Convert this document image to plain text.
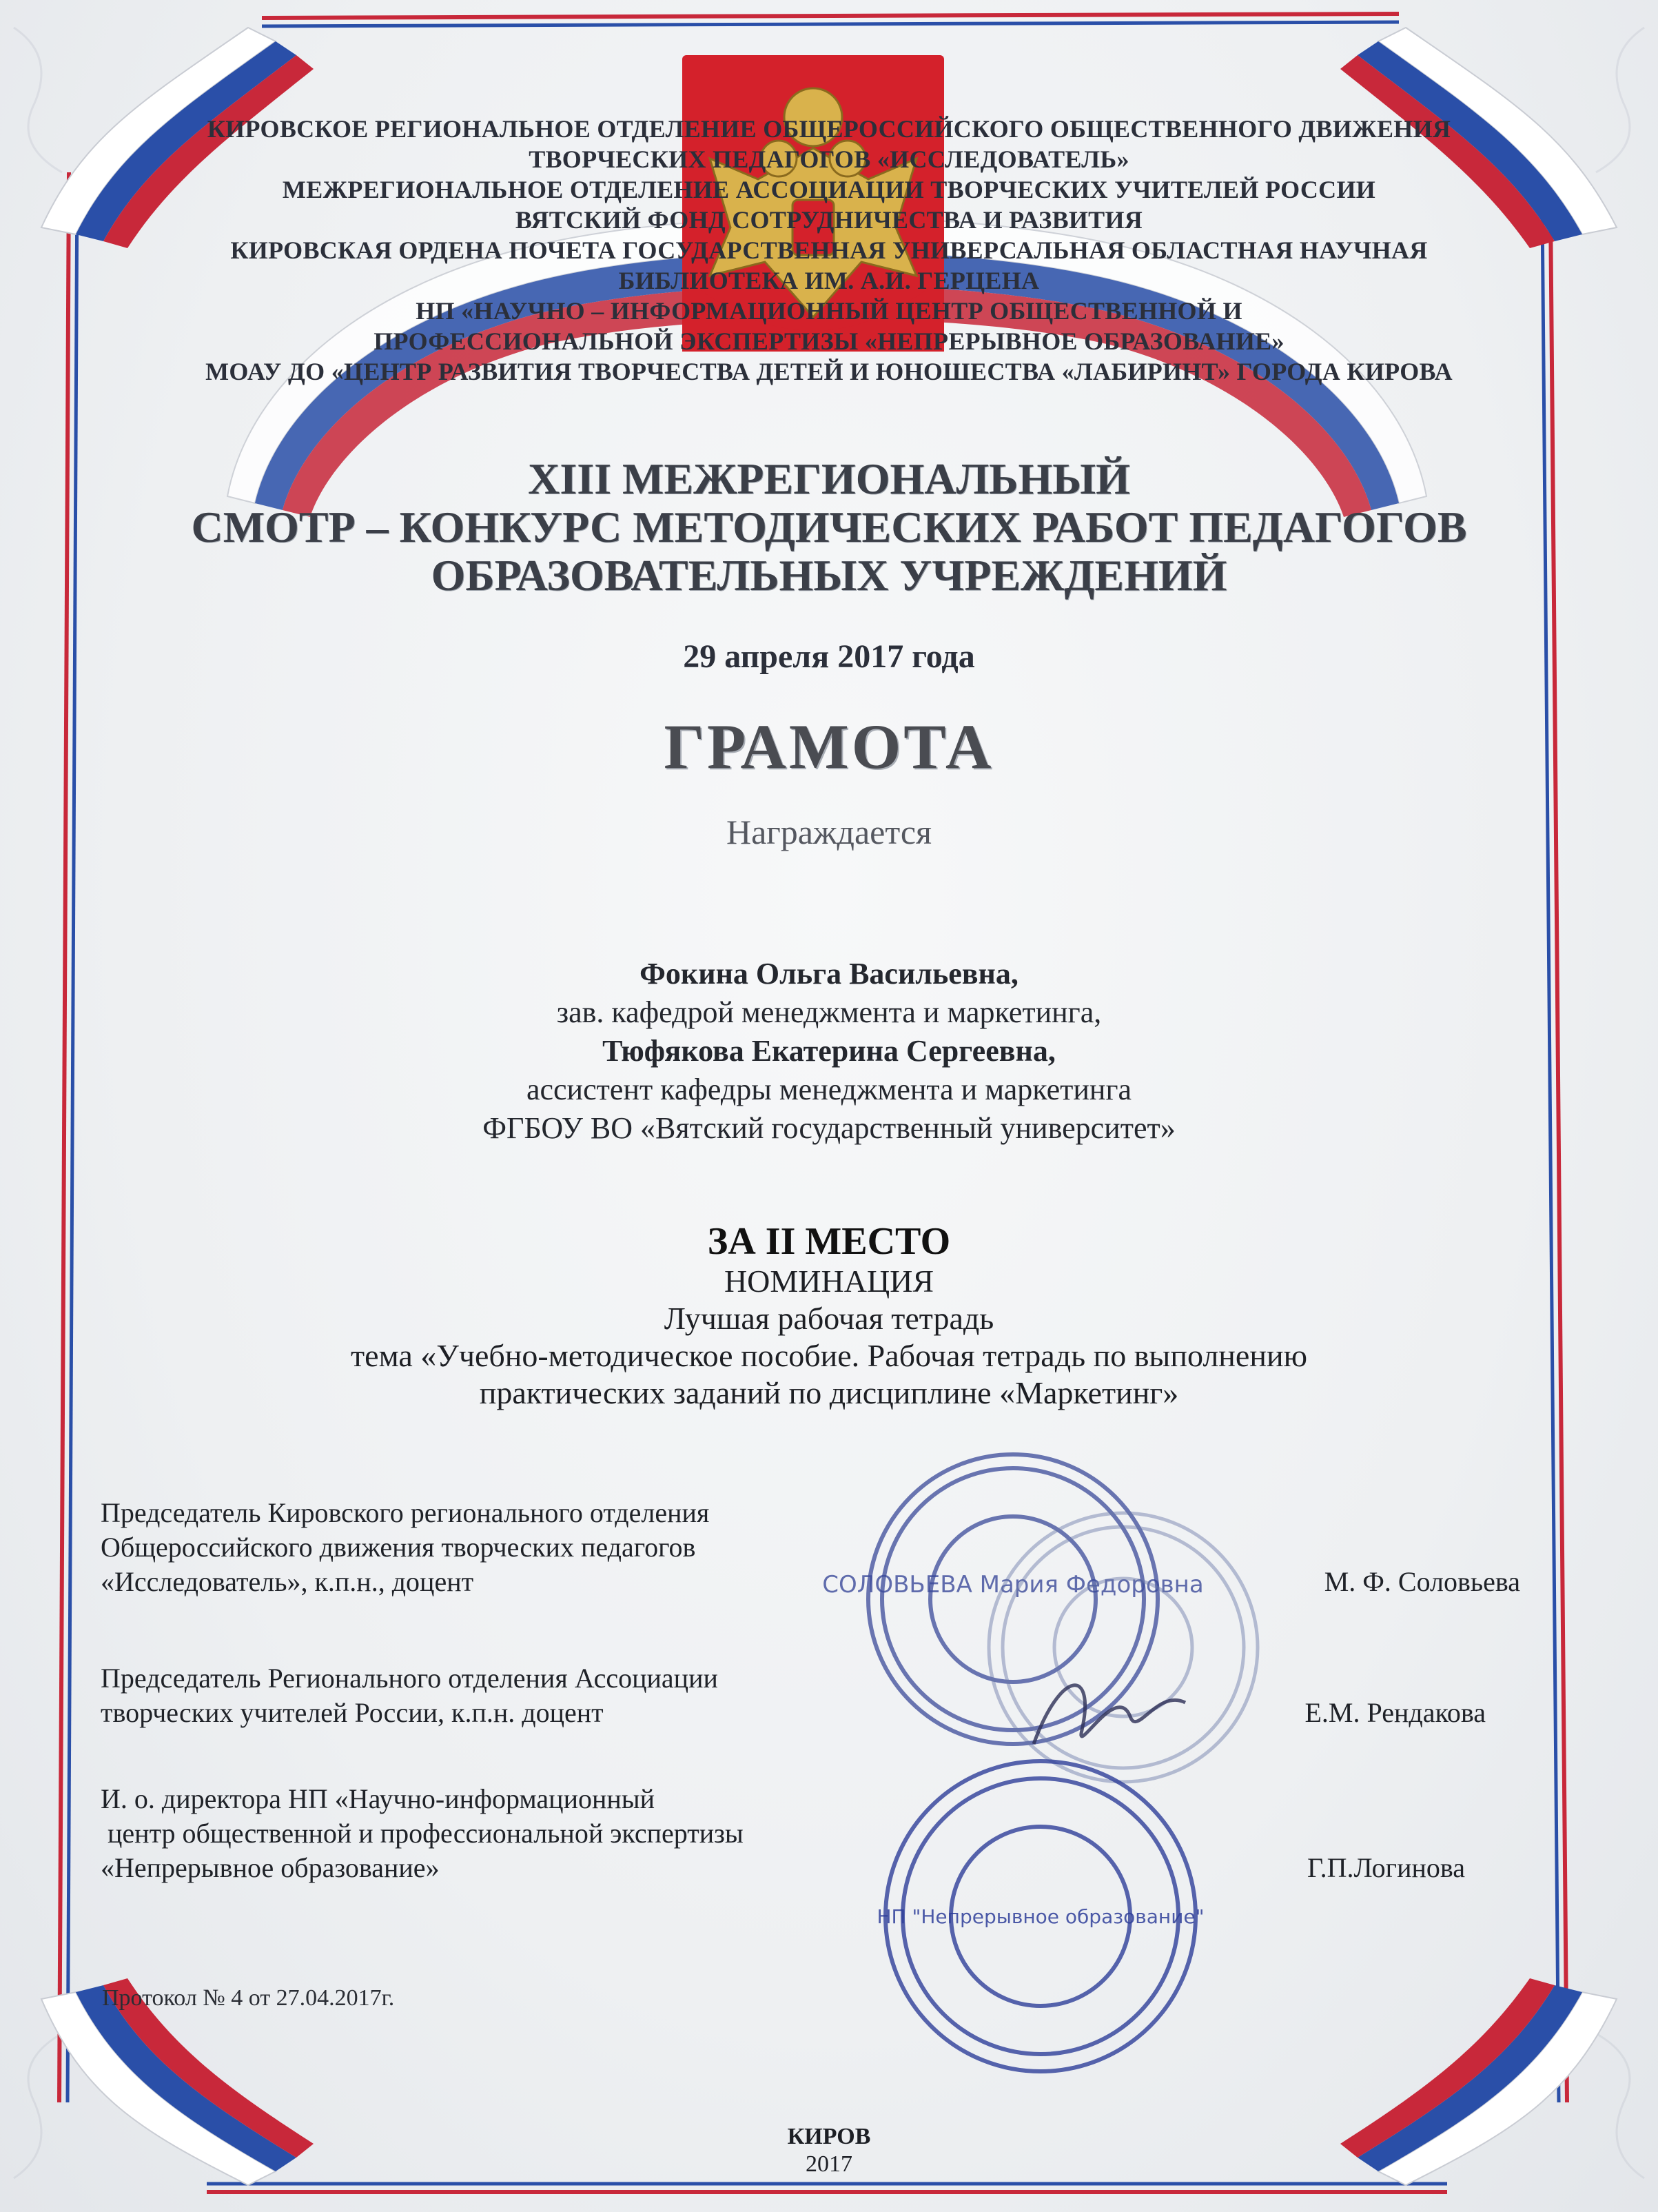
КИРОВСКОЕ РЕГИОНАЛЬНОЕ ОТДЕЛЕНИЕ ОБЩЕРОССИЙСКОГО ОБЩЕСТВЕННОГО ДВИЖЕНИЯ
ТВОРЧЕСКИХ ПЕДАГОГОВ «ИССЛЕДОВАТЕЛЬ»
МЕЖРЕГИОНАЛЬНОЕ ОТДЕЛЕНИЕ АССОЦИАЦИИ ТВОРЧЕСКИХ УЧИТЕЛЕЙ РОССИИ
ВЯТСКИЙ ФОНД СОТРУДНИЧЕСТВА И РАЗВИТИЯ
КИРОВСКАЯ ОРДЕНА ПОЧЕТА ГОСУДАРСТВЕННАЯ УНИВЕРСАЛЬНАЯ ОБЛАСТНАЯ НАУЧНАЯ
БИБЛИОТЕКА ИМ. А.И. ГЕРЦЕНА
НП «НАУЧНО – ИНФОРМАЦИОННЫЙ ЦЕНТР ОБЩЕСТВЕННОЙ И
ПРОФЕССИОНАЛЬНОЙ ЭКСПЕРТИЗЫ «НЕПРЕРЫВНОЕ ОБРАЗОВАНИЕ»
МОАУ ДО «ЦЕНТР РАЗВИТИЯ ТВОРЧЕСТВА ДЕТЕЙ И ЮНОШЕСТВА «ЛАБИРИНТ» ГОРОДА КИРОВА
XIII МЕЖРЕГИОНАЛЬНЫЙ
СМОТР – КОНКУРС МЕТОДИЧЕСКИХ РАБОТ ПЕДАГОГОВ
ОБРАЗОВАТЕЛЬНЫХ УЧРЕЖДЕНИЙ
29 апреля 2017 года
ГРАМОТА
Награждается
Фокина Ольга Васильевна,
зав. кафедрой менеджмента и маркетинга,
Тюфякова Екатерина Сергеевна,
ассистент кафедры менеджмента и маркетинга
ФГБОУ ВО «Вятский государственный университет»
ЗА II МЕСТО
НОМИНАЦИЯ
Лучшая рабочая тетрадь
тема «Учебно-методическое пособие. Рабочая тетрадь по выполнению
практических заданий по дисциплине «Маркетинг»
СОЛОВЬЕВА Мария Федоровна
НП "Непрерывное образование"
Председатель Кировского регионального отделения
Общероссийского движения творческих педагогов
«Исследователь», к.п.н., доцент	М. Ф. Соловьева
Председатель Регионального отделения Ассоциации
творческих учителей России, к.п.н. доцент	Е.М. Рендакова
И. о. директора НП «Научно-информационный
центр общественной и профессиональной экспертизы
«Непрерывное образование»	Г.П.Логинова
Протокол № 4 от 27.04.2017г.
КИРОВ
2017
